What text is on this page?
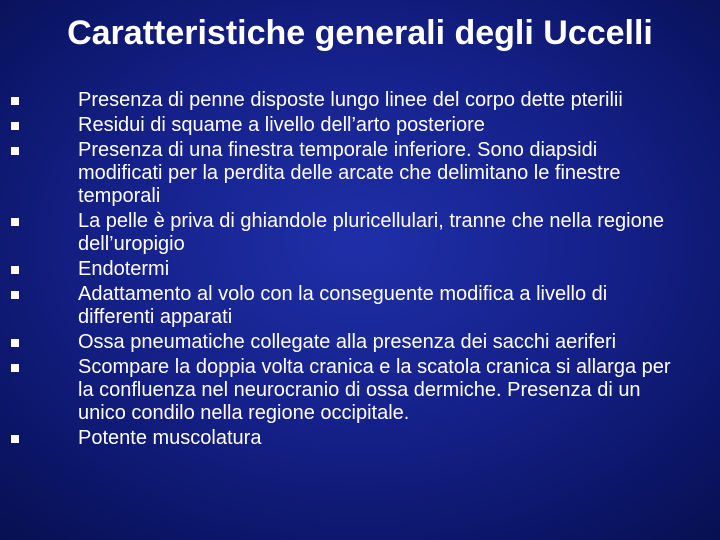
Caratteristiche generali degli Uccelli
Presenza di penne disposte lungo linee del corpo dette pterilii
Residui di squame a livello dell’arto posteriore
Presenza di una finestra temporale inferiore. Sono diapsidi modificati per la perdita delle arcate che delimitano le finestre temporali
La pelle è priva di ghiandole pluricellulari, tranne che nella regione dell’uropigio
Endotermi
Adattamento al volo con la conseguente modifica a livello di differenti apparati
Ossa pneumatiche collegate alla presenza dei sacchi aeriferi
Scompare la doppia volta cranica e la scatola cranica si allarga per la confluenza nel neurocranio di ossa dermiche. Presenza di un unico condilo nella regione occipitale.
Potente muscolatura
